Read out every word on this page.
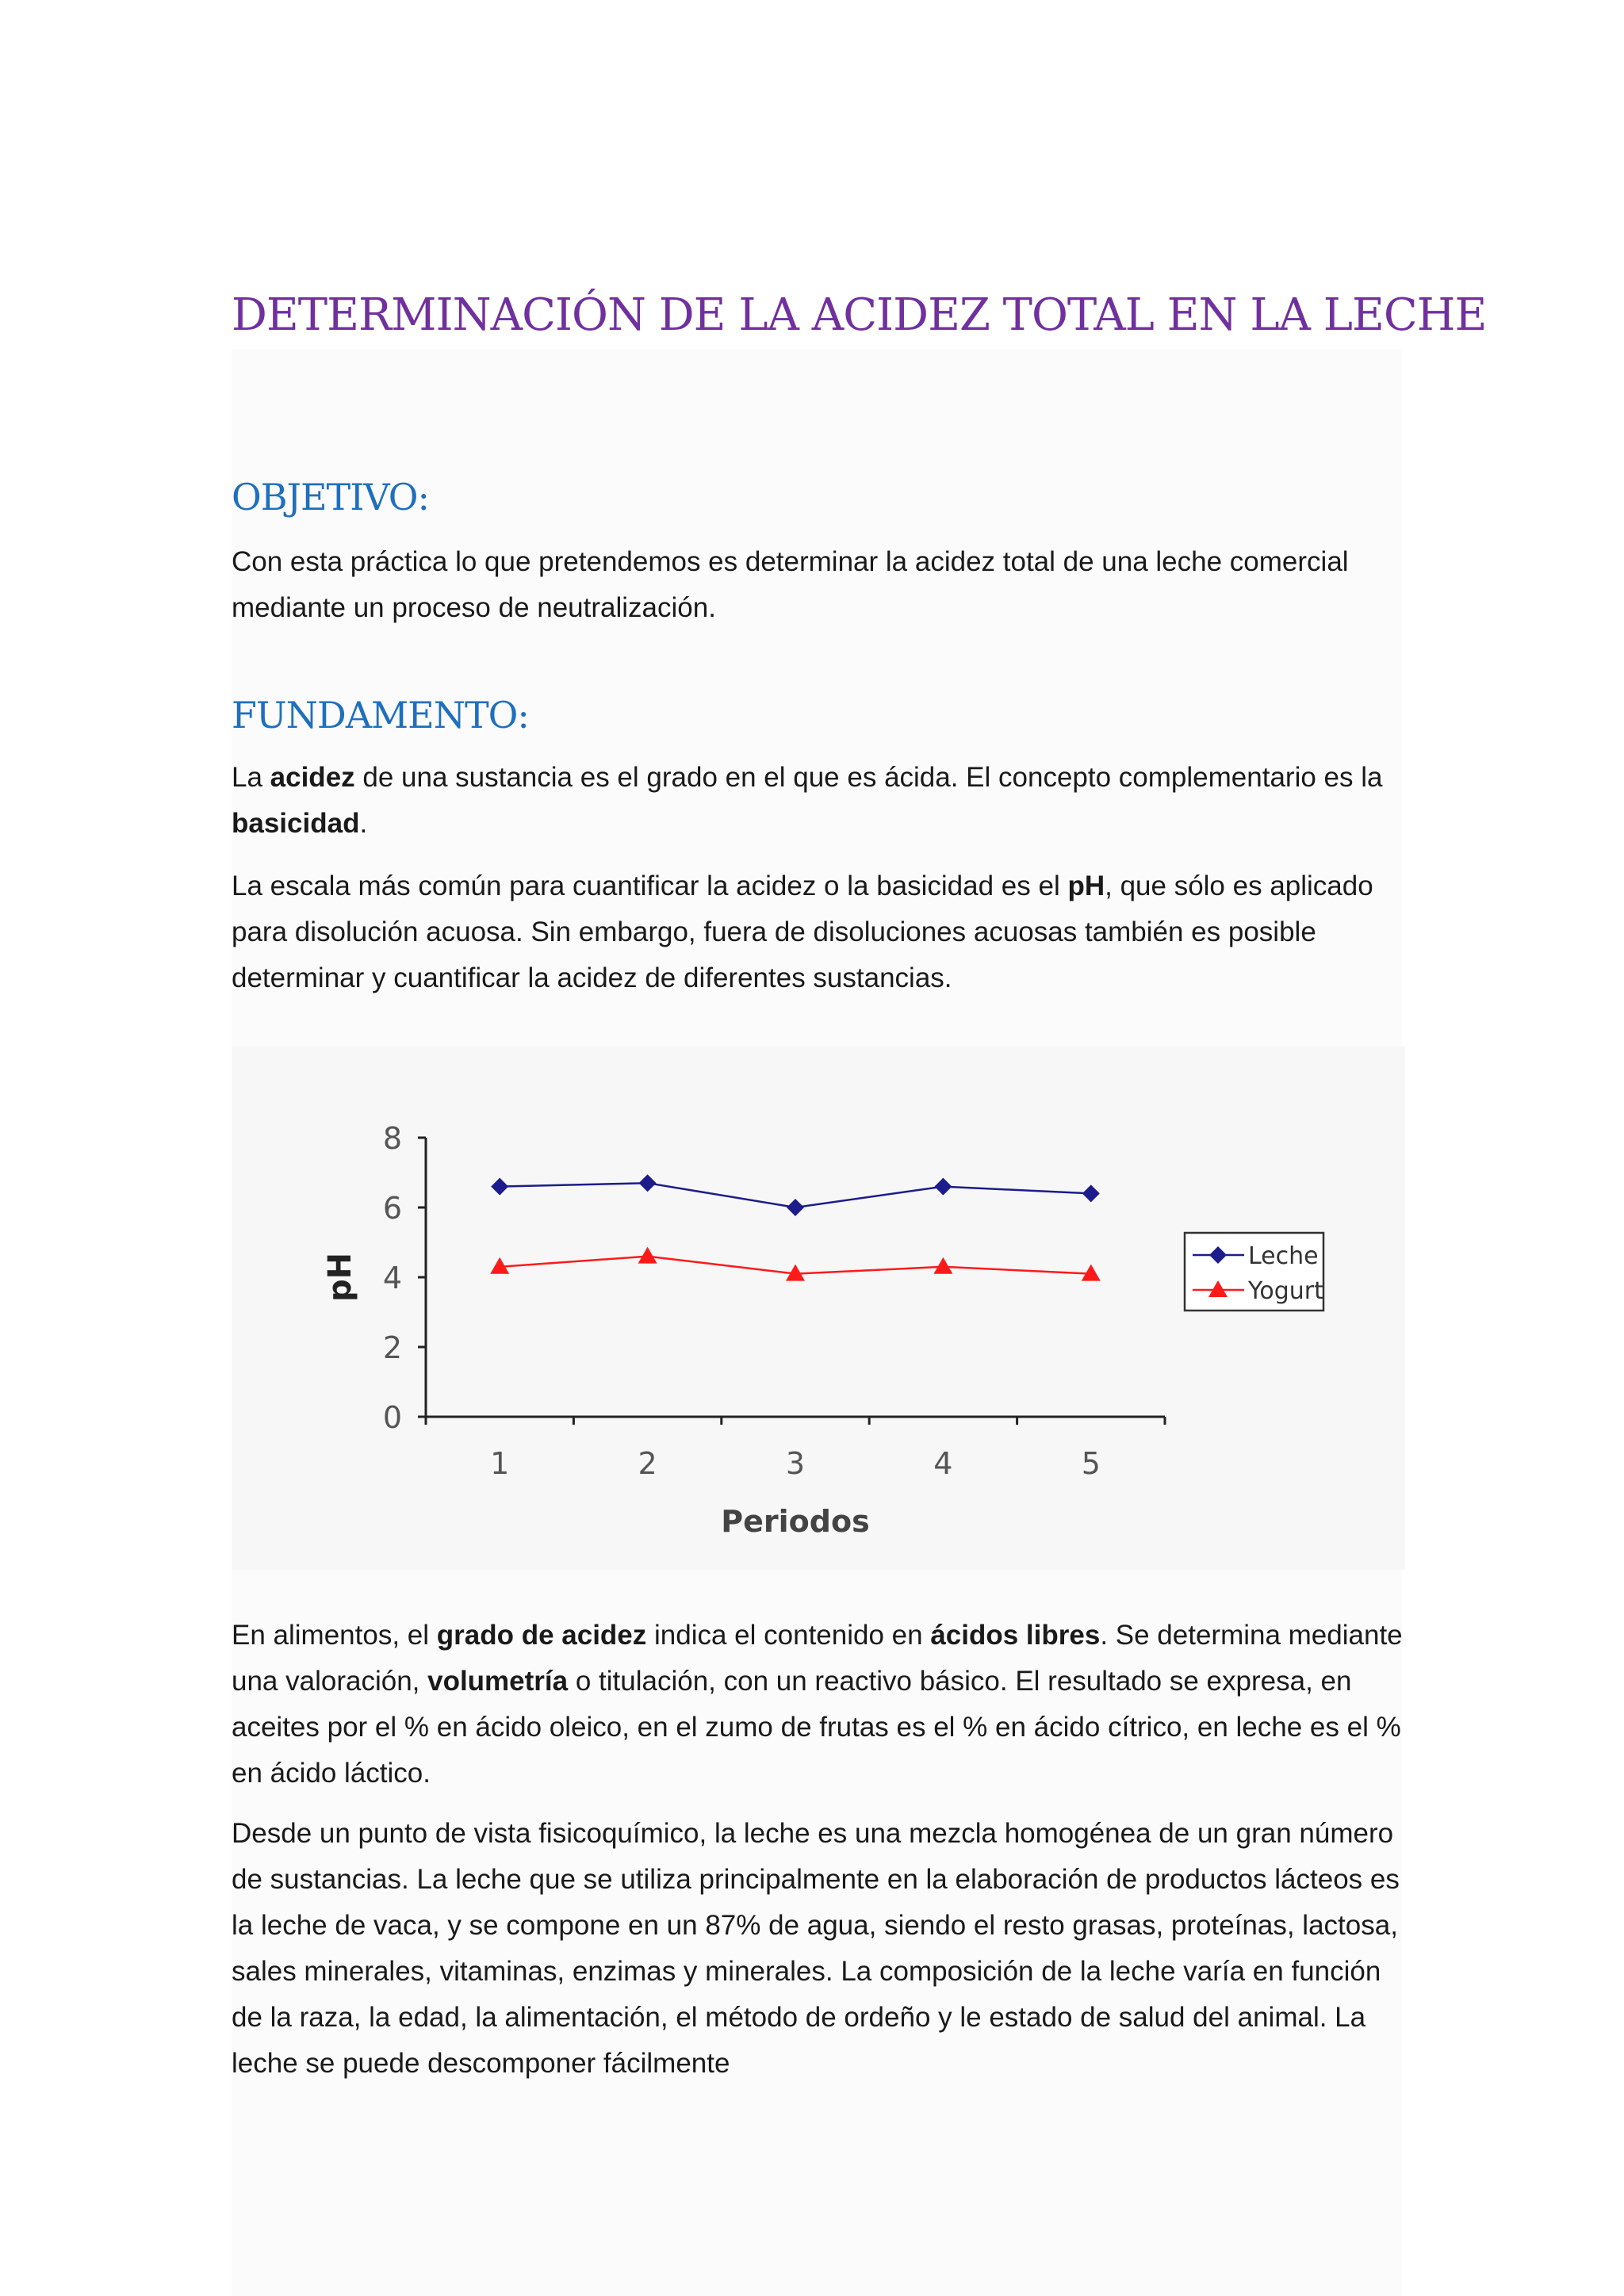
DETERMINACIÓN DE LA ACIDEZ TOTAL EN LA LECHE
OBJETIVO:

Con esta práctica lo que pretendemos es determinar la acidez total de una leche comercial mediante un proceso de neutralización.

FUNDAMENTO:

La acidez de una sustancia es el grado en el que es ácida. El concepto complementario es la basicidad.

La escala más común para cuantificar la acidez o la basicidad es el pH, que sólo es aplicado para disolución acuosa. Sin embargo, fuera de disoluciones acuosas también es posible determinar y cuantificar la acidez de diferentes sustancias.

0
2
4
6
8
1	2	3	4	5
Periodos
pH	Leche
Yogurt

En alimentos, el grado de acidez indica el contenido en ácidos libres. Se determina mediante una valoración, volumetría o titulación, con un reactivo básico. El resultado se expresa, en aceites por el % en ácido oleico, en el zumo de frutas es el % en ácido cítrico, en leche es el % en ácido láctico.

Desde un punto de vista fisicoquímico, la leche es una mezcla homogénea de un gran número de sustancias. La leche que se utiliza principalmente en la elaboración de productos lácteos es la leche de vaca, y se compone en un 87% de agua, siendo el resto grasas, proteínas, lactosa, sales minerales, vitaminas, enzimas y minerales. La composición de la leche varía en función de la raza, la edad, la alimentación, el método de ordeño y le estado de salud del animal. La leche se puede descomponer fácilmente
